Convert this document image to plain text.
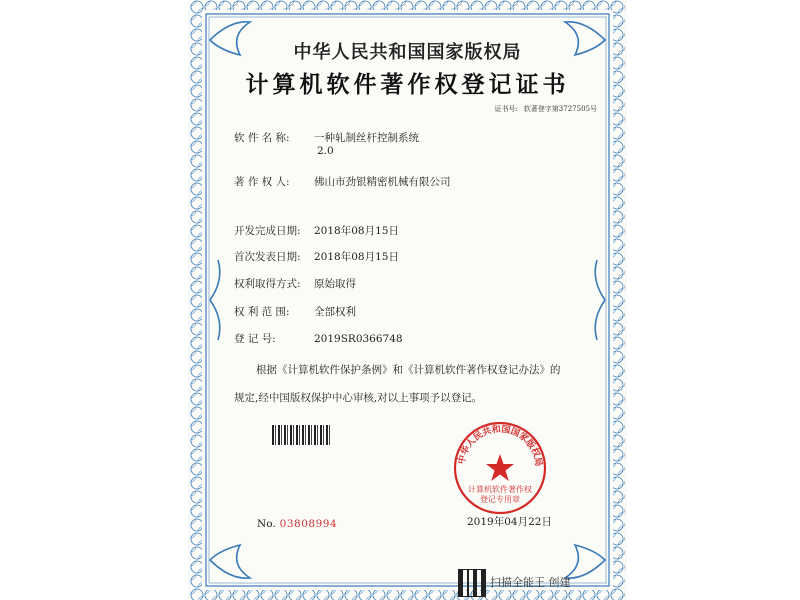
中华人民共和国国家版权局
计算机软件著作权登记证书
证书号: 软著登字第3727505号
软 件 名 称: 一种轧制丝杆控制系统
2.0
著 作 权 人: 佛山市劲银精密机械有限公司
开发完成日期: 2018年08月15日
首次发表日期: 2018年08月15日
权利取得方式: 原始取得
权 利 范 围: 全部权利
登 记 号:	2019SR0366748
根据《计算机软件保护条例》和《计算机软件著作权登记办法》的
规定,经中国版权保护中心审核,对以上事项予以登记。
中华人民共和国国家版权局
计算机软件著作权
登记专用章
No. 03808994	2019年04月22日
扫描全能王 创建
